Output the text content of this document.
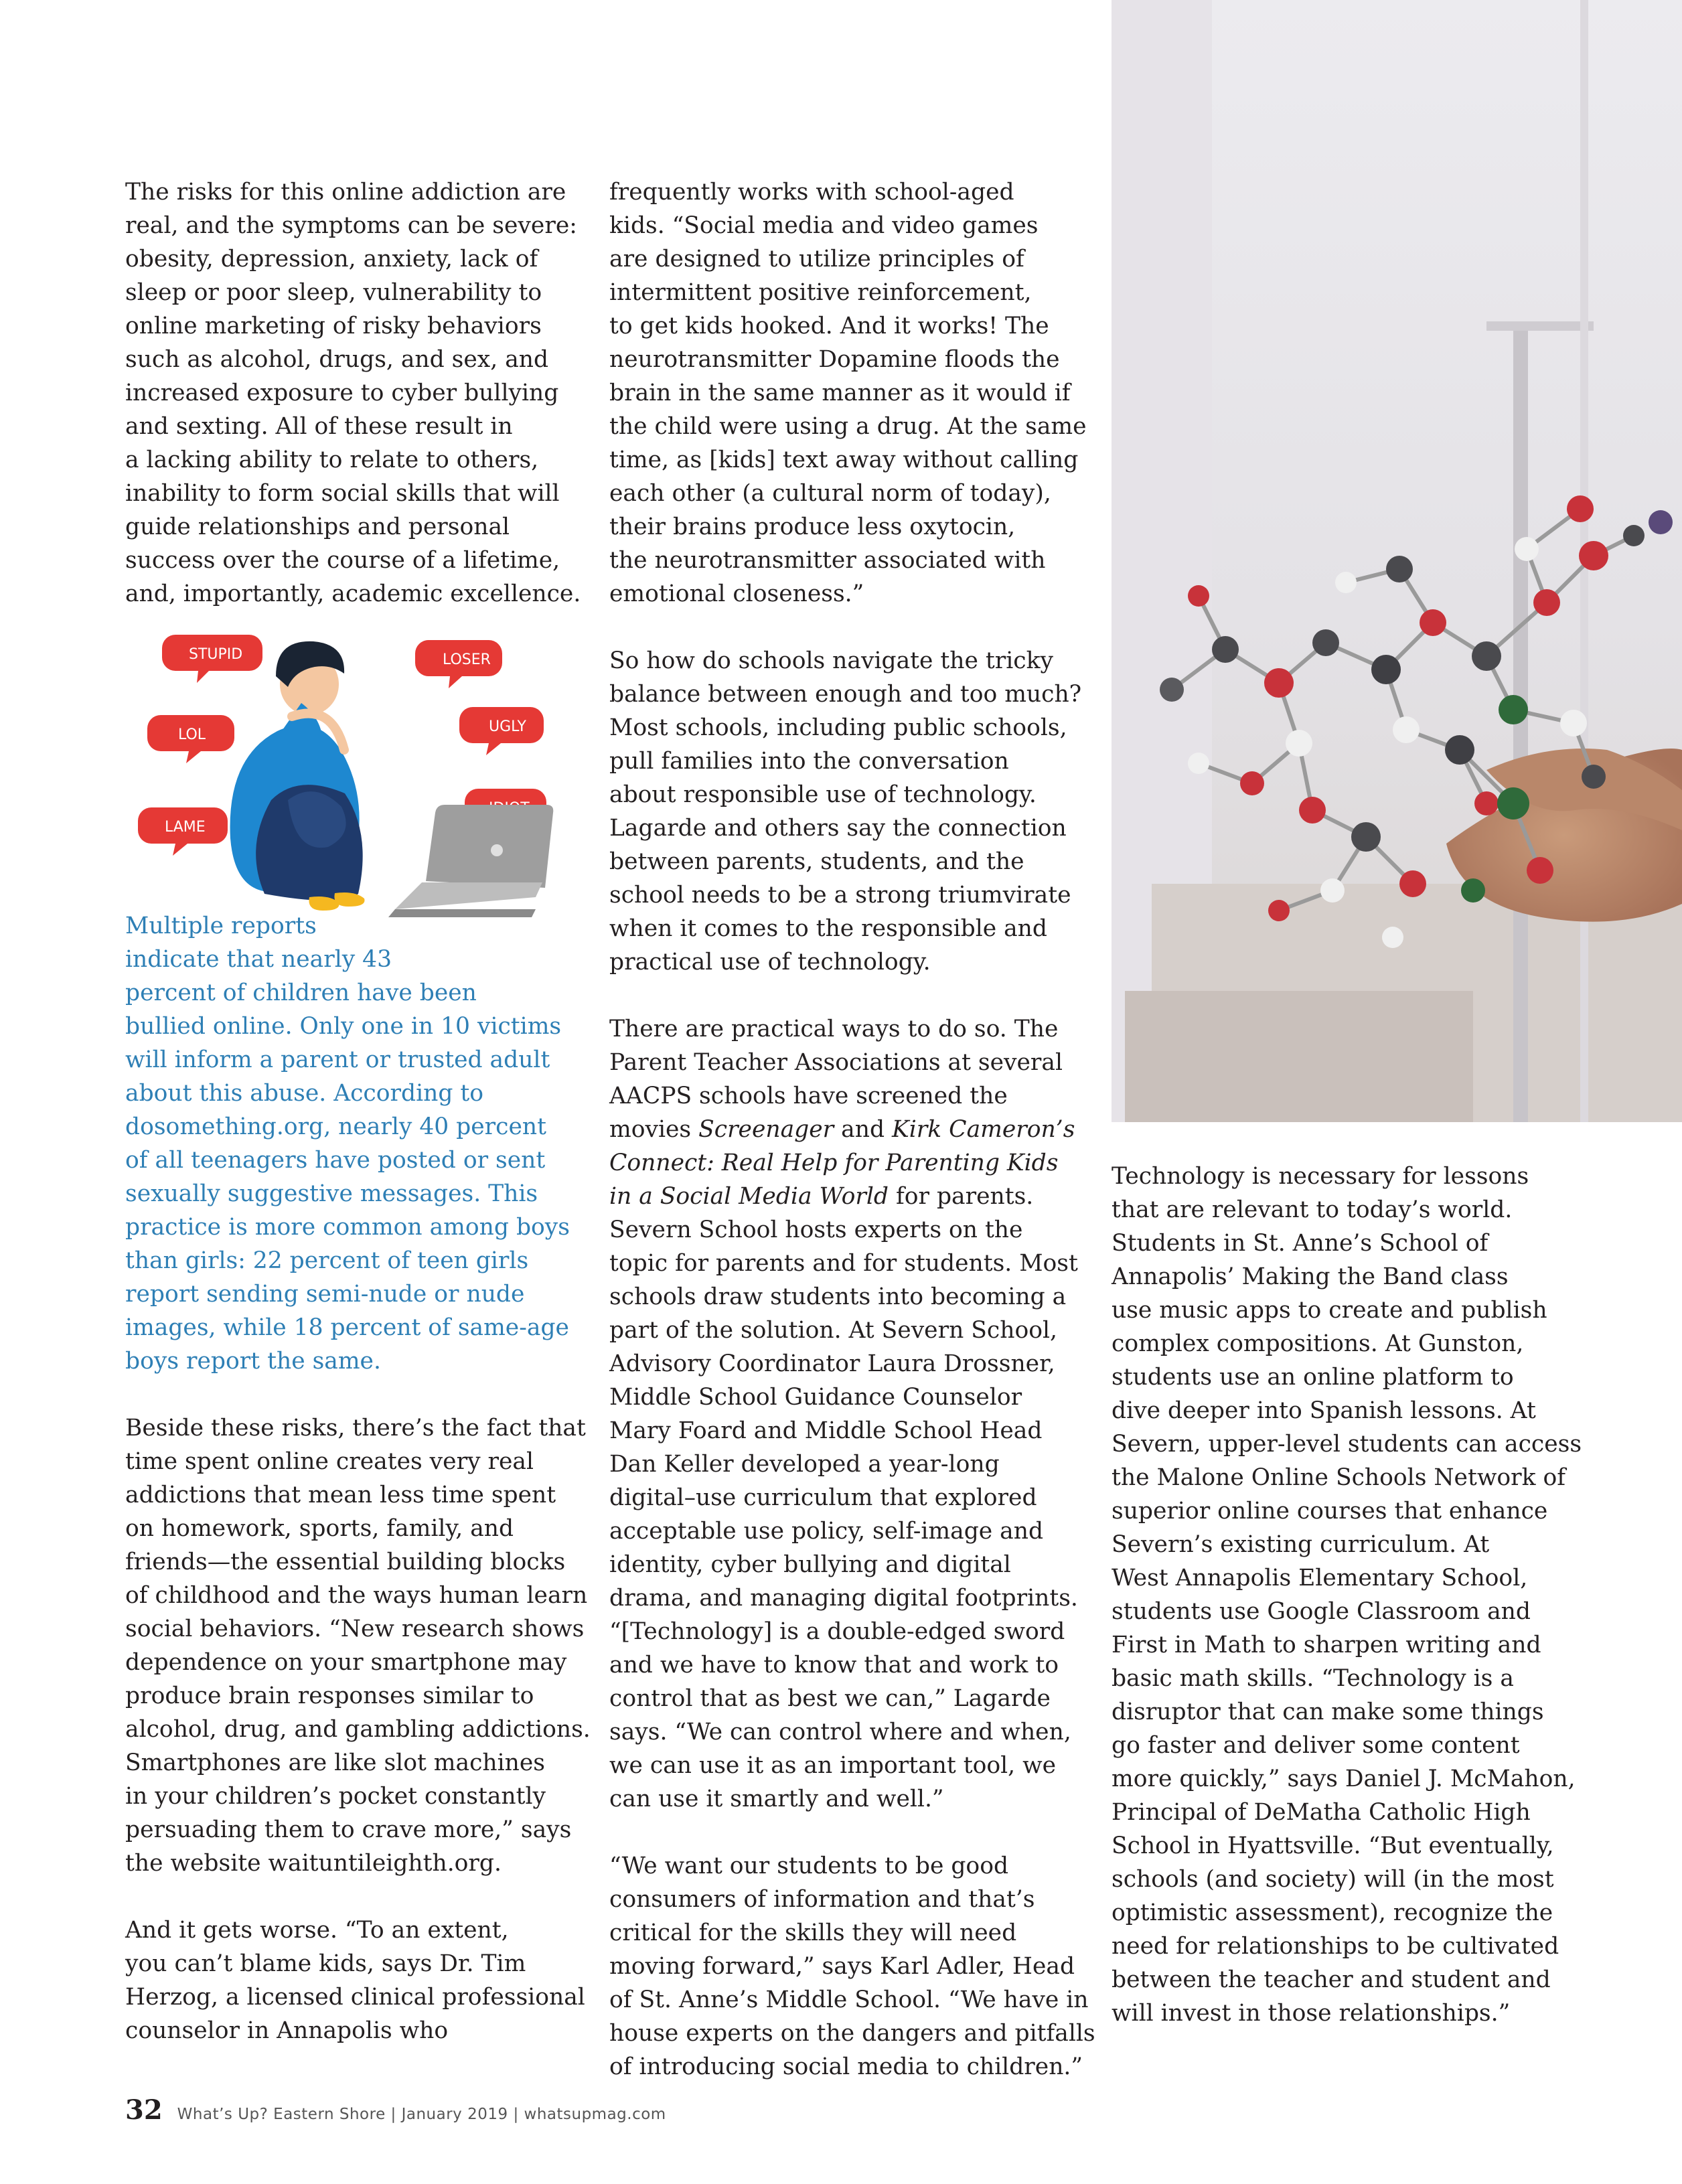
The risks for this online addiction are
real, and the symptoms can be severe:
obesity, depression, anxiety, lack of
sleep or poor sleep, vulnerability to
online marketing of risky behaviors
such as alcohol, drugs, and sex, and
increased exposure to cyber bullying
and sexting. All of these result in
a lacking ability to relate to others,
inability to form social skills that will
guide relationships and personal
success over the course of a lifetime,
and, importantly, academic excellence.

STUPID	LOSER
LOL	UGLY
LAME
Multiple reports
indicate that nearly 43
percent of children have been
bullied online. Only one in 10 victims
will inform a parent or trusted adult
about this abuse. According to
dosomething.org, nearly 40 percent
of all teenagers have posted or sent
sexually suggestive messages. This
practice is more common among boys
than girls: 22 percent of teen girls
report sending semi-nude or nude
images, while 18 percent of same-age
boys report the same.

Beside these risks, there’s the fact that
time spent online creates very real
addictions that mean less time spent
on homework, sports, family, and
friends—the essential building blocks
of childhood and the ways human learn
social behaviors. “New research shows
dependence on your smartphone may
produce brain responses similar to
alcohol, drug, and gambling addictions.
Smartphones are like slot machines
in your children’s pocket constantly
persuading them to crave more,” says
the website waituntileighth.org.

And it gets worse. “To an extent,
you can’t blame kids, says Dr. Tim
Herzog, a licensed clinical professional
counselor in Annapolis who

frequently works with school-aged
kids. “Social media and video games
are designed to utilize principles of
intermittent positive reinforcement,
to get kids hooked. And it works! The
neurotransmitter Dopamine floods the
brain in the same manner as it would if
the child were using a drug. At the same
time, as [kids] text away without calling
each other (a cultural norm of today),
their brains produce less oxytocin,
the neurotransmitter associated with
emotional closeness.”

So how do schools navigate the tricky
balance between enough and too much?
Most schools, including public schools,
pull families into the conversation
about responsible use of technology.
Lagarde and others say the connection
between parents, students, and the
school needs to be a strong triumvirate
when it comes to the responsible and
practical use of technology.

There are practical ways to do so. The
Parent Teacher Associations at several
AACPS schools have screened the
movies Screenager and Kirk Cameron’s
Connect: Real Help for Parenting Kids
in a Social Media World for parents.
Severn School hosts experts on the
topic for parents and for students. Most
schools draw students into becoming a
part of the solution. At Severn School,
Advisory Coordinator Laura Drossner,
Middle School Guidance Counselor
Mary Foard and Middle School Head
Dan Keller developed a year-long
digital–use curriculum that explored
acceptable use policy, self-image and
identity, cyber bullying and digital
drama, and managing digital footprints.
“[Technology] is a double-edged sword
and we have to know that and work to
control that as best we can,” Lagarde
says. “We can control where and when,
we can use it as an important tool, we
can use it smartly and well.”

“We want our students to be good
consumers of information and that’s
critical for the skills they will need
moving forward,” says Karl Adler, Head
of St. Anne’s Middle School. “We have in
house experts on the dangers and pitfalls
of introducing social media to children.”

Technology is necessary for lessons
that are relevant to today’s world.
Students in St. Anne’s School of
Annapolis’ Making the Band class
use music apps to create and publish
complex compositions. At Gunston,
students use an online platform to
dive deeper into Spanish lessons. At
Severn, upper-level students can access
the Malone Online Schools Network of
superior online courses that enhance
Severn’s existing curriculum. At
West Annapolis Elementary School,
students use Google Classroom and
First in Math to sharpen writing and
basic math skills. “Technology is a
disruptor that can make some things
go faster and deliver some content
more quickly,” says Daniel J. McMahon,
Principal of DeMatha Catholic High
School in Hyattsville. “But eventually,
schools (and society) will (in the most
optimistic assessment), recognize the
need for relationships to be cultivated
between the teacher and student and
will invest in those relationships.”

32 What’s Up? Eastern Shore | January 2019 | whatsupmag.com
